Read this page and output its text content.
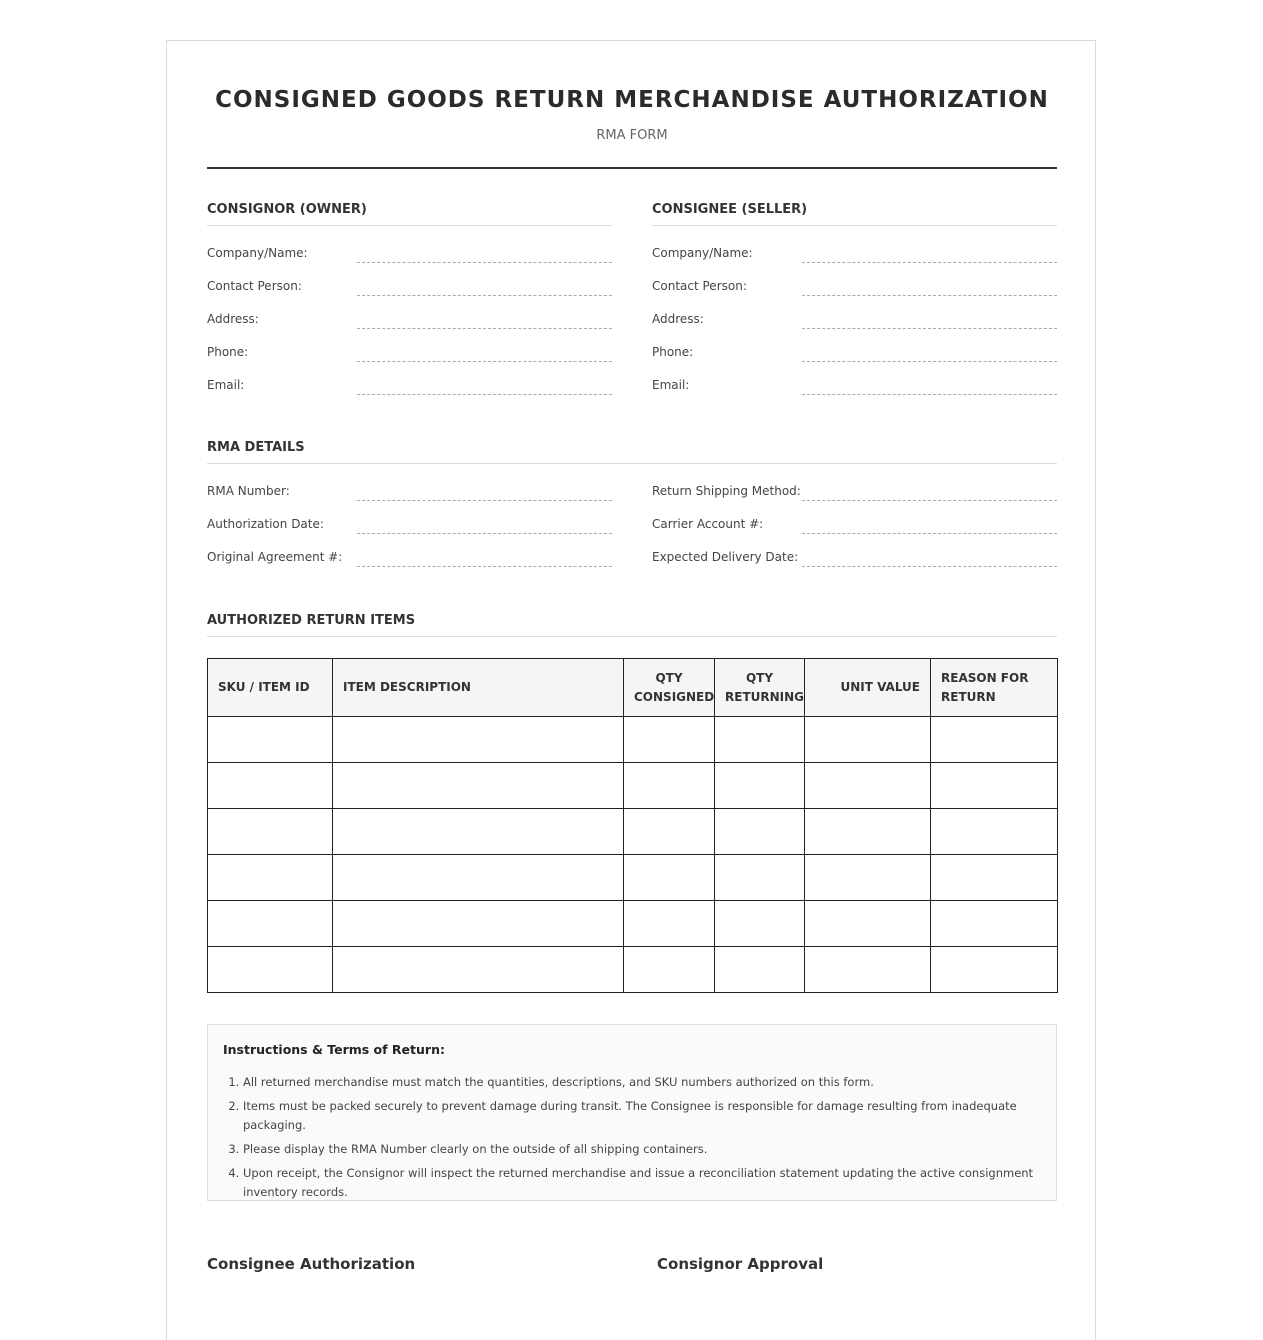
CONSIGNED GOODS RETURN MERCHANDISE AUTHORIZATION
RMA FORM
CONSIGNOR (OWNER)
Company/Name:
Contact Person:
Address:
Phone:
Email:
CONSIGNEE (SELLER)
Company/Name:
Contact Person:
Address:
Phone:
Email:
RMA DETAILS
RMA Number:
Authorization Date:
Original Agreement #:
Return Shipping Method:
Carrier Account #:
Expected Delivery Date:
AUTHORIZED RETURN ITEMS
SKU / ITEM ID	ITEM DESCRIPTION	QTY CONSIGNED	QTY RETURNING	UNIT VALUE	REASON FOR RETURN

Instructions & Terms of Return:
1. All returned merchandise must match the quantities, descriptions, and SKU numbers authorized on this form.
2. Items must be packed securely to prevent damage during transit. The Consignee is responsible for damage resulting from inadequate packaging.
3. Please display the RMA Number clearly on the outside of all shipping containers.
4. Upon receipt, the Consignor will inspect the returned merchandise and issue a reconciliation statement updating the active consignment inventory records.
Consignee Authorization	Consignor Approval
